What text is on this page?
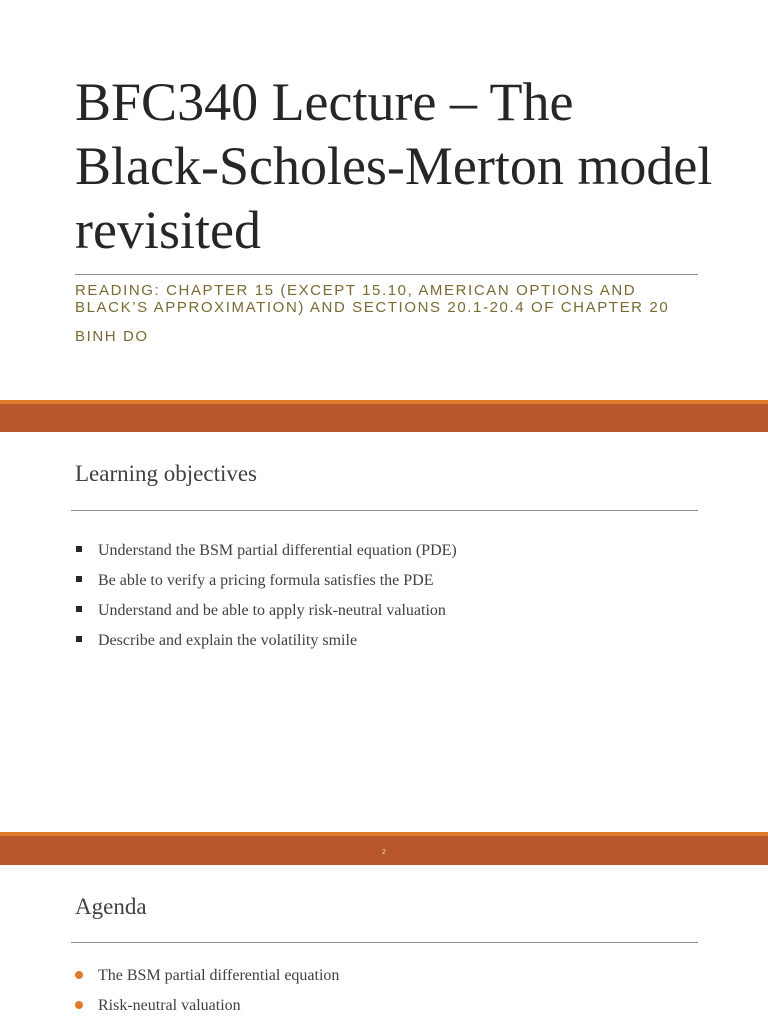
BFC340 Lecture – The Black-Scholes-Merton model revisited
READING: CHAPTER 15 (EXCEPT 15.10, AMERICAN OPTIONS AND BLACK’S APPROXIMATION) AND SECTIONS 20.1-20.4 OF CHAPTER 20
BINH DO
Learning objectives
Understand the BSM partial differential equation (PDE)
Be able to verify a pricing formula satisfies the PDE
Understand and be able to apply risk-neutral valuation
Describe and explain the volatility smile
2
Agenda
The BSM partial differential equation
Risk-neutral valuation
